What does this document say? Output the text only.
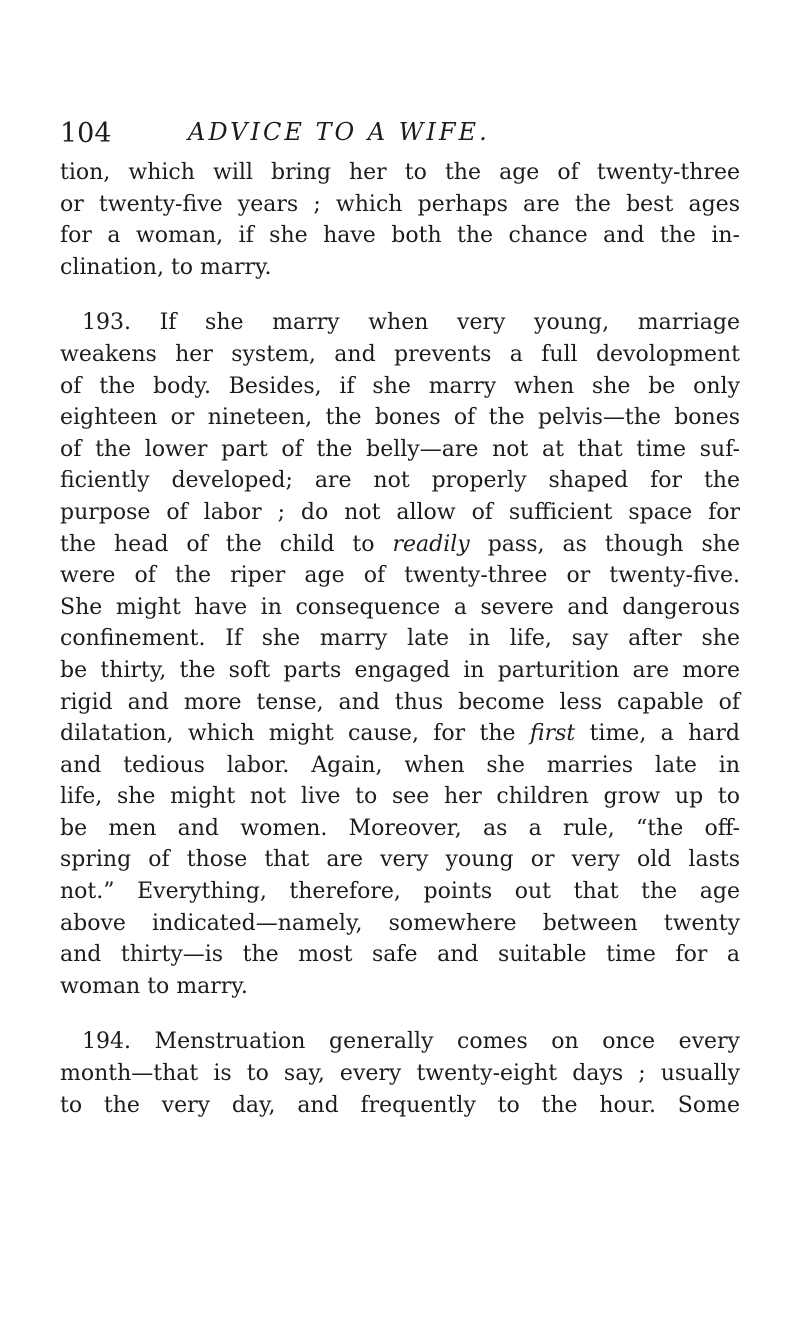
104	ADVICE TO A WIFE.
tion, which will bring her to the age of twenty-three
or twenty-five years ; which perhaps are the best ages
for a woman, if she have both the chance and the in-
clination, to marry.
193. If she marry when very young, marriage
weakens her system, and prevents a full devolopment
of the body. Besides, if she marry when she be only
eighteen or nineteen, the bones of the pelvis—the bones
of the lower part of the belly—are not at that time suf-
ficiently developed; are not properly shaped for the
purpose of labor ; do not allow of sufficient space for
the head of the child to readily pass, as though she
were of the riper age of twenty-three or twenty-five.
She might have in consequence a severe and dangerous
confinement. If she marry late in life, say after she
be thirty, the soft parts engaged in parturition are more
rigid and more tense, and thus become less capable of
dilatation, which might cause, for the first time, a hard
and tedious labor. Again, when she marries late in
life, she might not live to see her children grow up to
be men and women. Moreover, as a rule, “the off-
spring of those that are very young or very old lasts
not.” Everything, therefore, points out that the age
above indicated—namely, somewhere between twenty
and thirty—is the most safe and suitable time for a
woman to marry.
194. Menstruation generally comes on once every
month—that is to say, every twenty-eight days ; usually
to the very day, and frequently to the hour. Some
